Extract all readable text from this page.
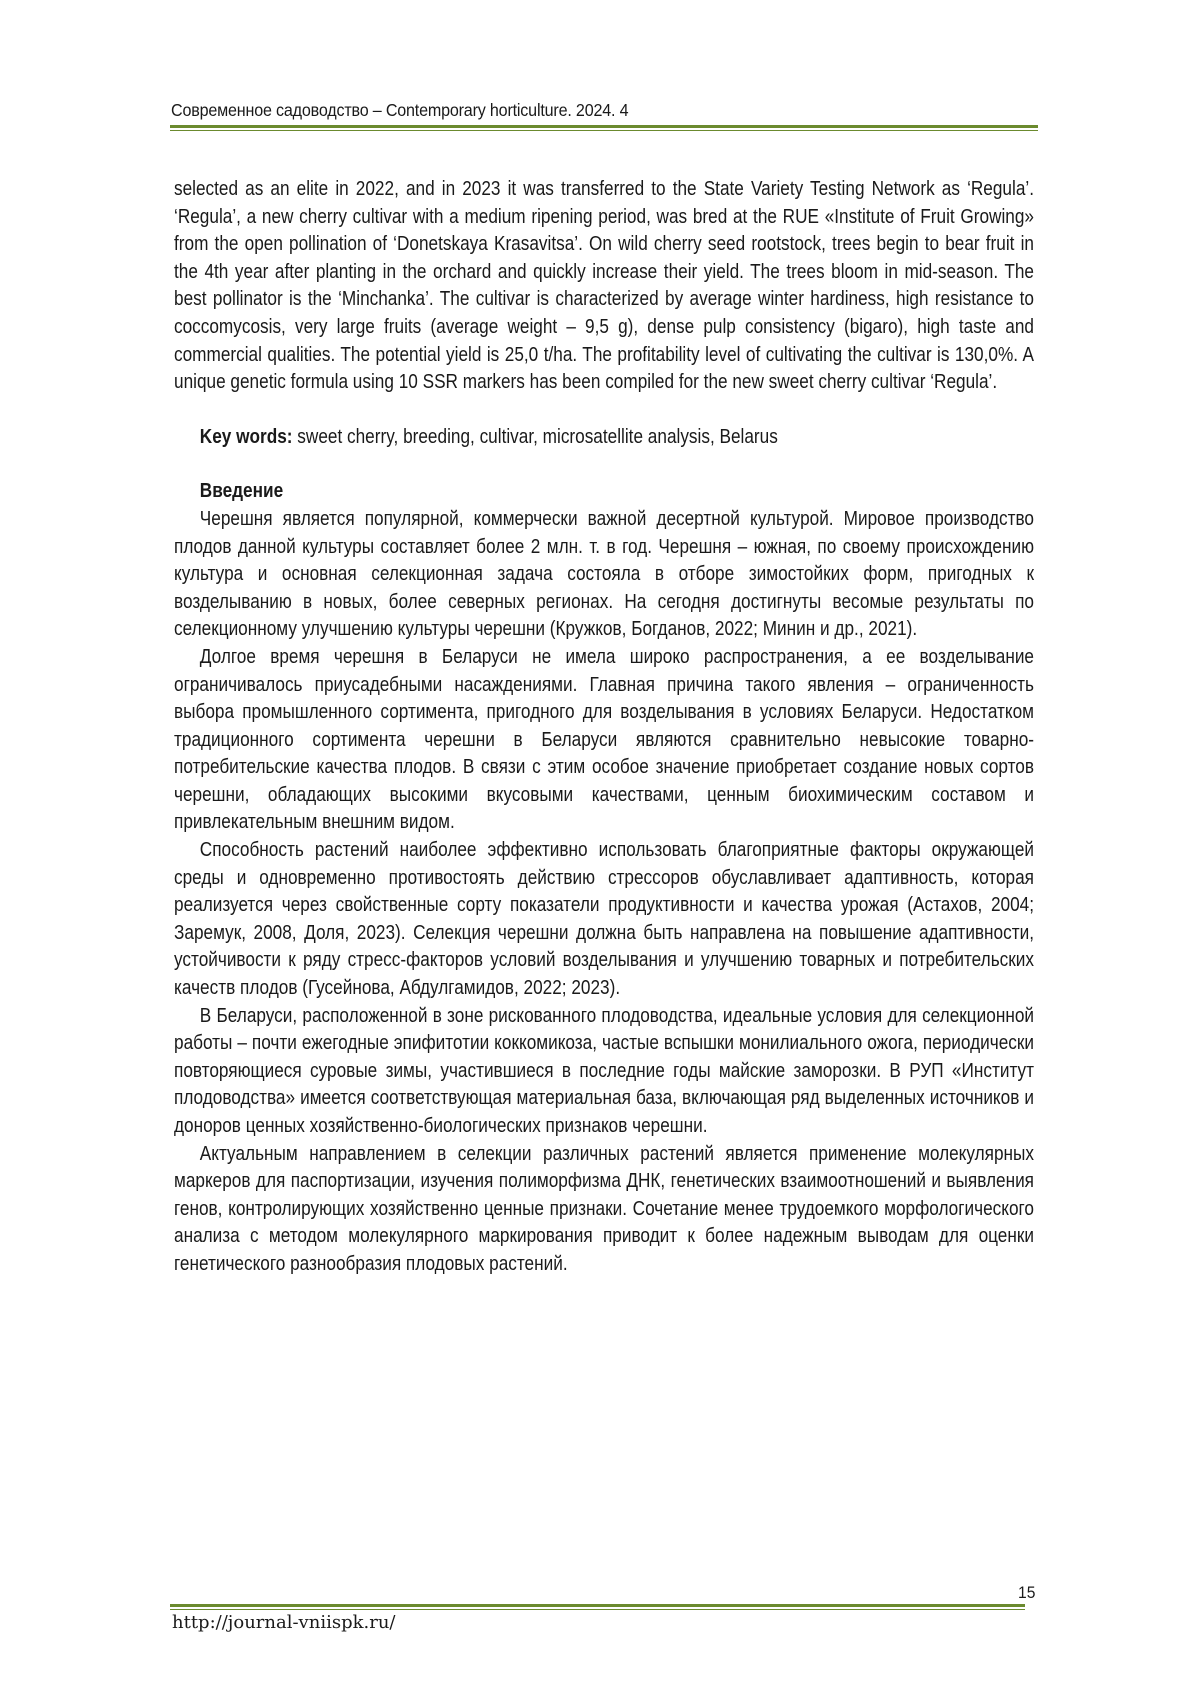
Современное садоводство – Contemporary horticulture. 2024. 4

selected as an elite in 2022, and in 2023 it was transferred to the State Variety Testing Network as ‘Regula’. ‘Regula’, a new cherry cultivar with a medium ripening period, was bred at the RUE «Institute of Fruit Growing» from the open pollination of ‘Donetskaya Krasavitsa’. On wild cherry seed rootstock, trees begin to bear fruit in the 4th year after planting in the orchard and quickly increase their yield. The trees bloom in mid-season. The best pollinator is the ‘Minchanka’. The cultivar is characterized by average winter hardiness, high resistance to coccomycosis, very large fruits (average weight – 9,5 g), dense pulp consistency (bigaro), high taste and commercial qualities. The potential yield is 25,0 t/ha. The profitability level of cultivating the cultivar is 130,0%. A unique genetic formula using 10 SSR markers has been compiled for the new sweet cherry cultivar ‘Regula’.

Key words: sweet cherry, breeding, cultivar, microsatellite analysis, Belarus

Введение

Черешня является популярной, коммерчески важной десертной культурой. Мировое производство плодов данной культуры составляет более 2 млн. т. в год. Черешня – южная, по своему происхождению культура и основная селекционная задача состояла в отборе зимостойких форм, пригодных к возделыванию в новых, более северных регионах. На сегодня достигнуты весомые результаты по селекционному улучшению культуры черешни (Кружков, Богданов, 2022; Минин и др., 2021).

Долгое время черешня в Беларуси не имела широко распространения, а ее возделывание ограничивалось приусадебными насаждениями. Главная причина такого явления – ограниченность выбора промышленного сортимента, пригодного для возделывания в условиях Беларуси. Недостатком традиционного сортимента черешни в Беларуси являются сравнительно невысокие товарно-потребительские качества плодов. В связи с этим особое значение приобретает создание новых сортов черешни, обладающих высокими вкусовыми качествами, ценным биохимическим составом и привлекательным внешним видом.

Способность растений наиболее эффективно использовать благоприятные факторы окружающей среды и одновременно противостоять действию стрессоров обуславливает адаптивность, которая реализуется через свойственные сорту показатели продуктивности и качества урожая (Астахов, 2004; Заремук, 2008, Доля, 2023). Селекция черешни должна быть направлена на повышение адаптивности, устойчивости к ряду стресс-факторов условий возделывания и улучшению товарных и потребительских качеств плодов (Гусейнова, Абдулгамидов, 2022; 2023).

В Беларуси, расположенной в зоне рискованного плодоводства, идеальные условия для селекционной работы – почти ежегодные эпифитотии коккомикоза, частые вспышки монилиального ожога, периодически повторяющиеся суровые зимы, участившиеся в последние годы майские заморозки. В РУП «Институт плодоводства» имеется соответствующая материальная база, включающая ряд выделенных источников и доноров ценных хозяйственно-биологических признаков черешни.

Актуальным направлением в селекции различных растений является применение молекулярных маркеров для паспортизации, изучения полиморфизма ДНК, генетических взаимоотношений и выявления генов, контролирующих хозяйственно ценные признаки. Сочетание менее трудоемкого морфологического анализа с методом молекулярного маркирования приводит к более надежным выводам для оценки генетического разнообразия плодовых растений.

15
http://journal-vniispk.ru/
